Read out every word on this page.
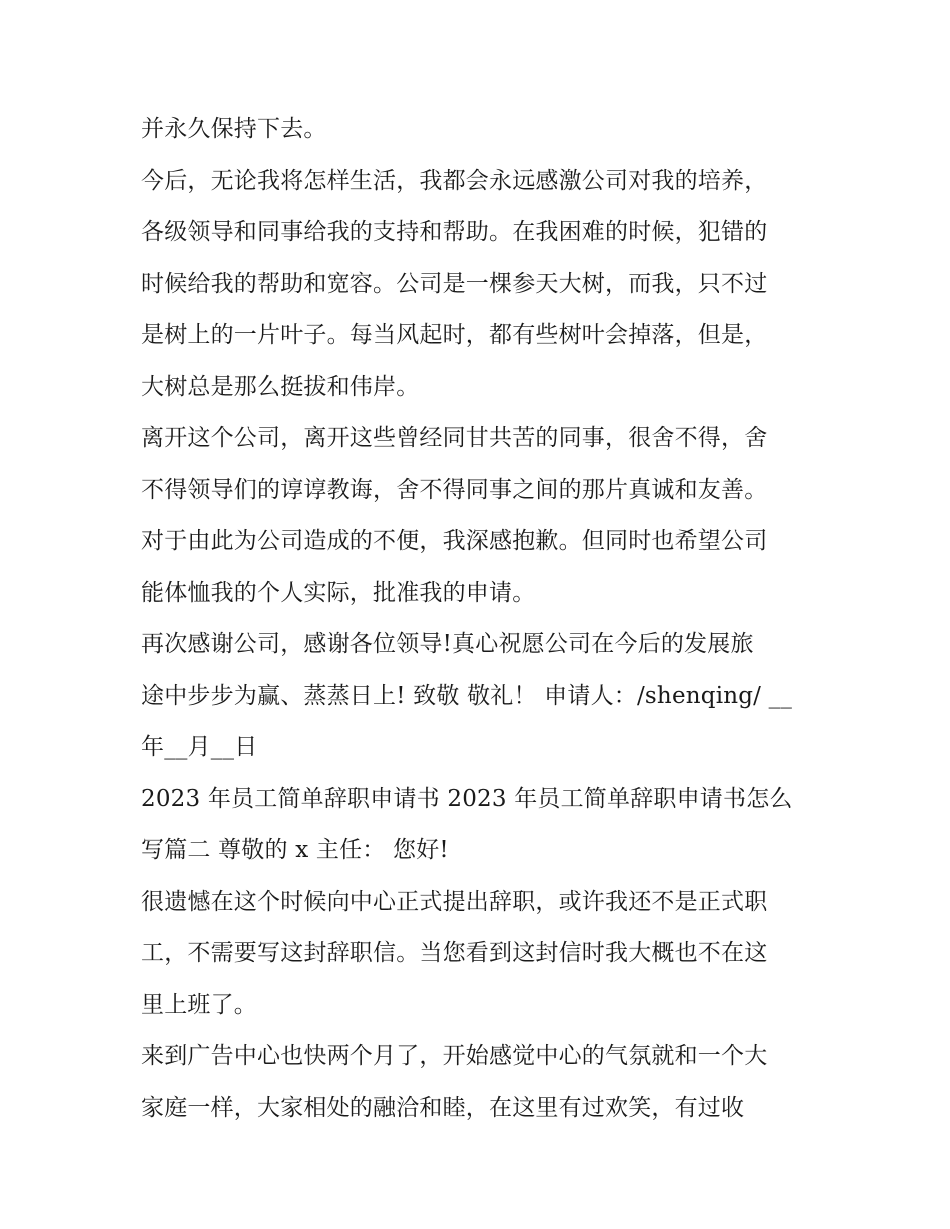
并永久保持下去。
今后，无论我将怎样生活，我都会永远感激公司对我的培养，
各级领导和同事给我的支持和帮助。在我困难的时候，犯错的
时候给我的帮助和宽容。公司是一棵参天大树，而我，只不过
是树上的一片叶子。每当风起时，都有些树叶会掉落，但是，
大树总是那么挺拔和伟岸。
离开这个公司，离开这些曾经同甘共苦的同事，很舍不得，舍
不得领导们的谆谆教诲，舍不得同事之间的那片真诚和友善。
对于由此为公司造成的不便，我深感抱歉。但同时也希望公司
能体恤我的个人实际，批准我的申请。
再次感谢公司，感谢各位领导!真心祝愿公司在今后的发展旅
途中步步为赢、蒸蒸日上! 致敬 敬礼！ 申请人：/shenqing/ __
年__月__日
2023 年员工简单辞职申请书 2023 年员工简单辞职申请书怎么
写篇二 尊敬的 x 主任： 您好!
很遗憾在这个时候向中心正式提出辞职，或许我还不是正式职
工，不需要写这封辞职信。当您看到这封信时我大概也不在这
里上班了。
来到广告中心也快两个月了，开始感觉中心的气氛就和一个大
家庭一样，大家相处的融洽和睦，在这里有过欢笑，有过收
